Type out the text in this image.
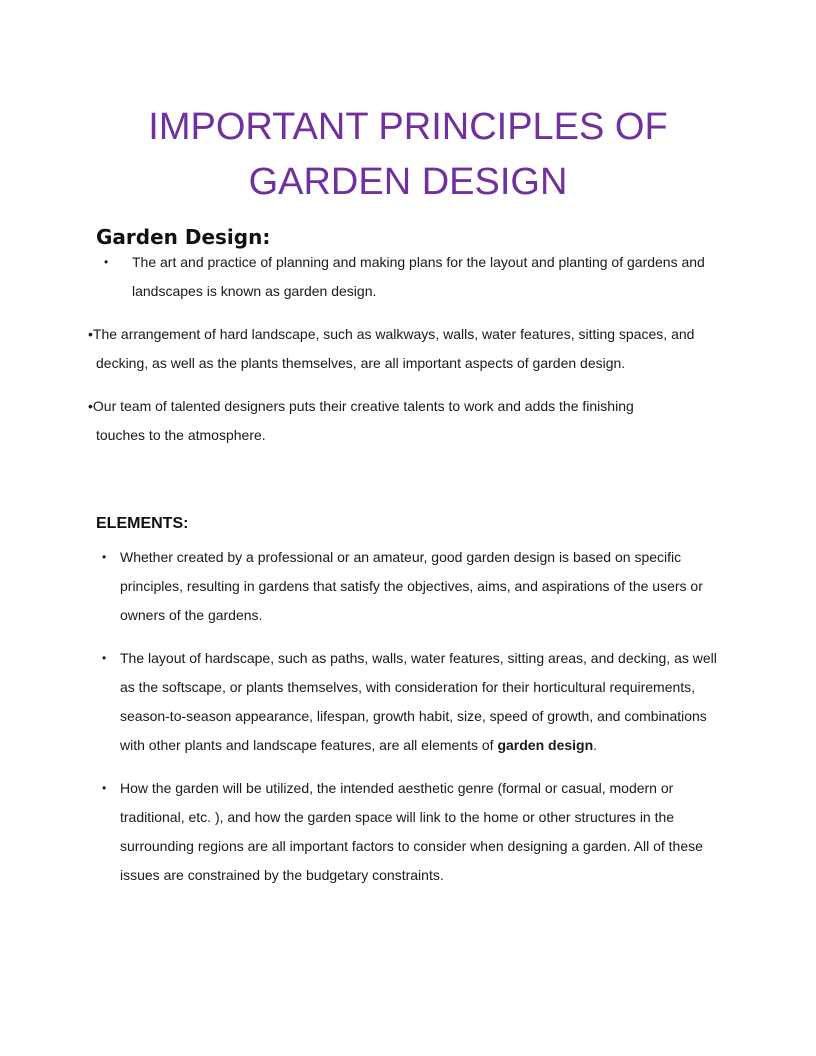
IMPORTANT PRINCIPLES OF
GARDEN DESIGN
Garden Design:
• The art and practice of planning and making plans for the layout and planting of gardens and landscapes is known as garden design.
•The arrangement of hard landscape, such as walkways, walls, water features, sitting spaces, and
decking, as well as the plants themselves, are all important aspects of garden design.
•Our team of talented designers puts their creative talents to work and adds the finishing
touches to the atmosphere.
ELEMENTS:
• Whether created by a professional or an amateur, good garden design is based on specific principles, resulting in gardens that satisfy the objectives, aims, and aspirations of the users or owners of the gardens.
• The layout of hardscape, such as paths, walls, water features, sitting areas, and decking, as well as the softscape, or plants themselves, with consideration for their horticultural requirements, season-to-season appearance, lifespan, growth habit, size, speed of growth, and combinations with other plants and landscape features, are all elements of garden design.
• How the garden will be utilized, the intended aesthetic genre (formal or casual, modern or traditional, etc. ), and how the garden space will link to the home or other structures in the surrounding regions are all important factors to consider when designing a garden. All of these issues are constrained by the budgetary constraints.
